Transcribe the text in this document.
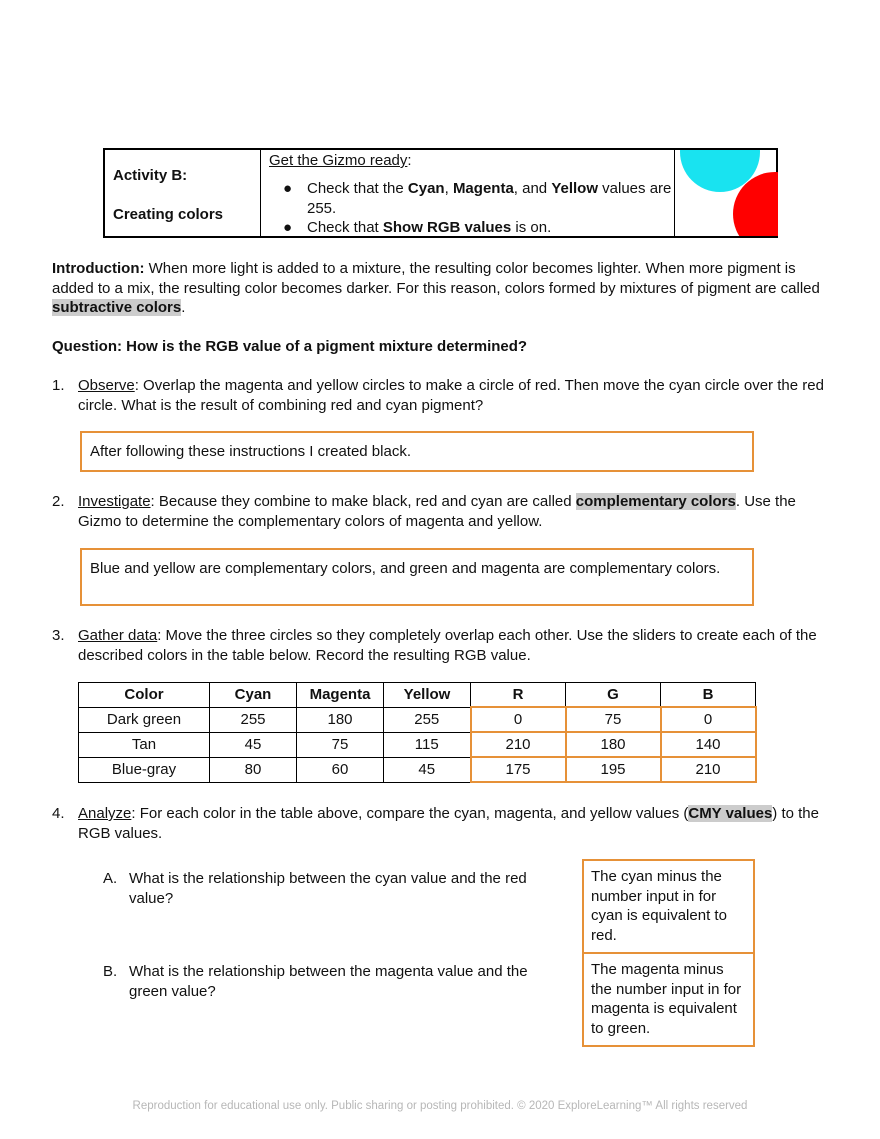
Activity B:
Creating colors
Get the Gizmo ready:
● Check that the Cyan, Magenta, and Yellow values are 255.
● Check that Show RGB values is on.
Introduction: When more light is added to a mixture, the resulting color becomes lighter. When more pigment is added to a mix, the resulting color becomes darker. For this reason, colors formed by mixtures of pigment are called subtractive colors.
Question: How is the RGB value of a pigment mixture determined?
1. Observe: Overlap the magenta and yellow circles to make a circle of red. Then move the cyan circle over the red circle. What is the result of combining red and cyan pigment?
After following these instructions I created black.
2. Investigate: Because they combine to make black, red and cyan are called complementary colors. Use the Gizmo to determine the complementary colors of magenta and yellow.
Blue and yellow are complementary colors, and green and magenta are complementary colors.
3. Gather data: Move the three circles so they completely overlap each other. Use the sliders to create each of the described colors in the table below. Record the resulting RGB value.
Color	Cyan	Magenta	Yellow	R	G	B
Dark green	255	180	255	0	75	0
Tan	45	75	115	210	180	140
Blue-gray	80	60	45	175	195	210
4. Analyze: For each color in the table above, compare the cyan, magenta, and yellow values (CMY values) to the RGB values.
A. What is the relationship between the cyan value and the red value?
The cyan minus the number input in for cyan is equivalent to red.
B. What is the relationship between the magenta value and the green value?
The magenta minus the number input in for magenta is equivalent to green.
Reproduction for educational use only. Public sharing or posting prohibited. © 2020 ExploreLearning™ All rights reserved
